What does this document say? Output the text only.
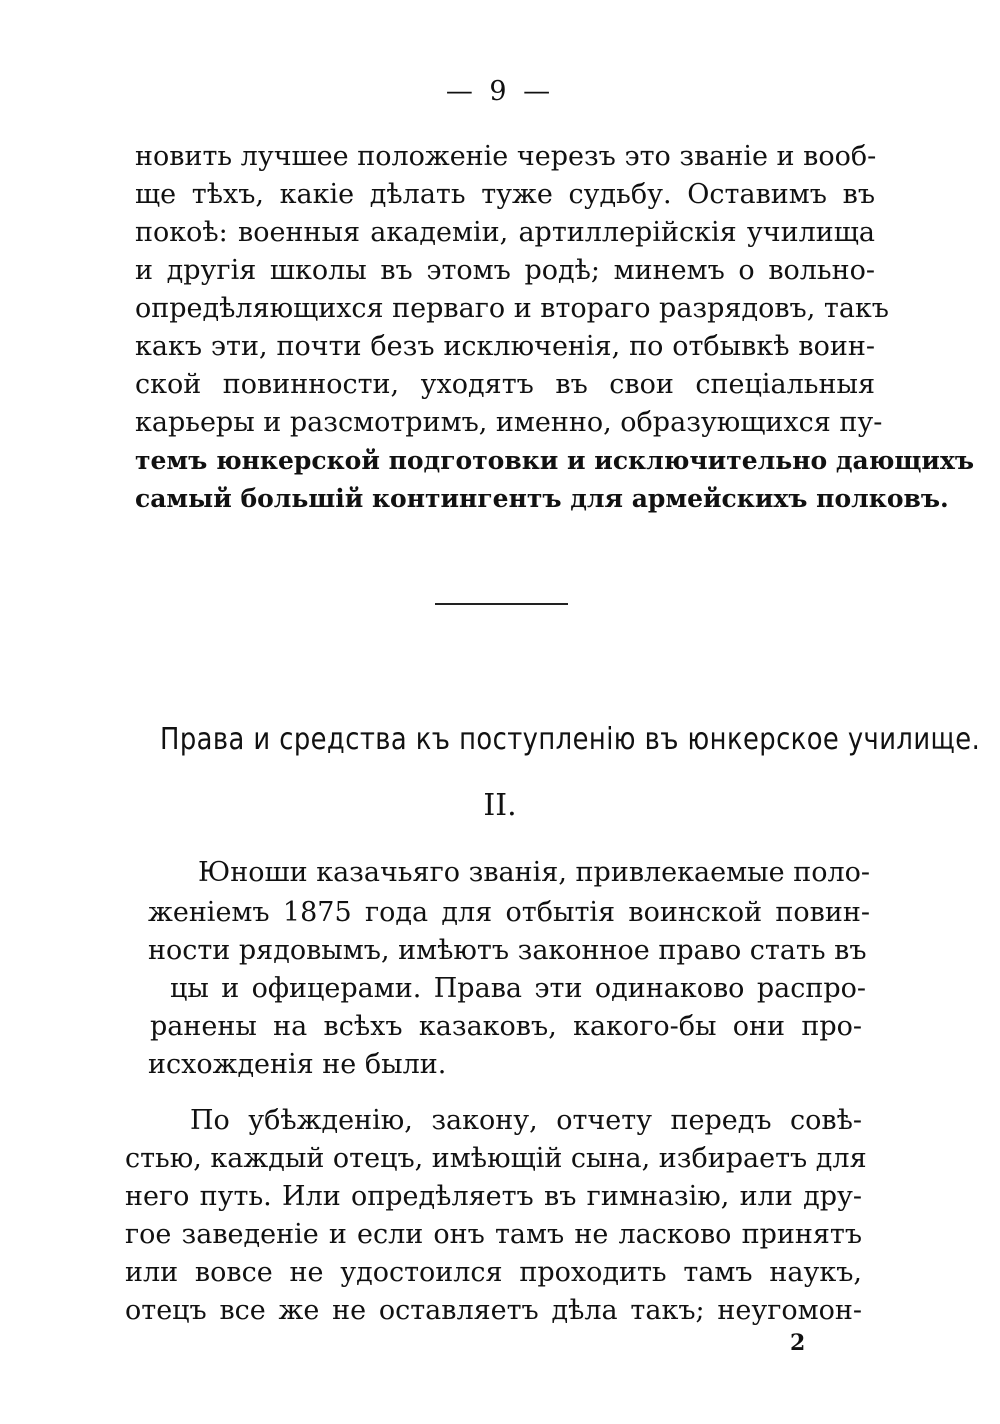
— 9 —
новить лучшее положеніе черезъ это званіе и вооб-
ще тѣхъ, какіе дѣлать туже судьбу. Оставимъ въ
покоѣ: военныя академіи, артиллерійскія училища
и другія школы въ этомъ родѣ; минемъ о вольно-
опредѣляющихся перваго и втораго разрядовъ, такъ
какъ эти, почти безъ исключенія, по отбывкѣ воин-
ской повинности, уходятъ въ свои спеціальныя
карьеры и разсмотримъ, именно, образующихся пу-
темъ юнкерской подготовки и исключительно дающихъ
самый большій контингентъ для армейскихъ полковъ.
Права и средства къ поступленію въ юнкерское училище.
II.
Юноши казачьяго званія, привлекаемые поло-
женіемъ 1875 года для отбытія воинской повин-
ности рядовымъ, имѣютъ законное право стать въ
цы и офицерами. Права эти одинаково распро-
ранены на всѣхъ казаковъ, какого-бы они про-
исхожденія не были.
По убѣжденію, закону, отчету передъ совѣ-
стью, каждый отецъ, имѣющій сына, избираетъ для
него путь. Или опредѣляетъ въ гимназію, или дру-
гое заведеніе и если онъ тамъ не ласково принятъ
или вовсе не удостоился проходить тамъ наукъ,
отецъ все же не оставляетъ дѣла такъ; неугомон-
2
